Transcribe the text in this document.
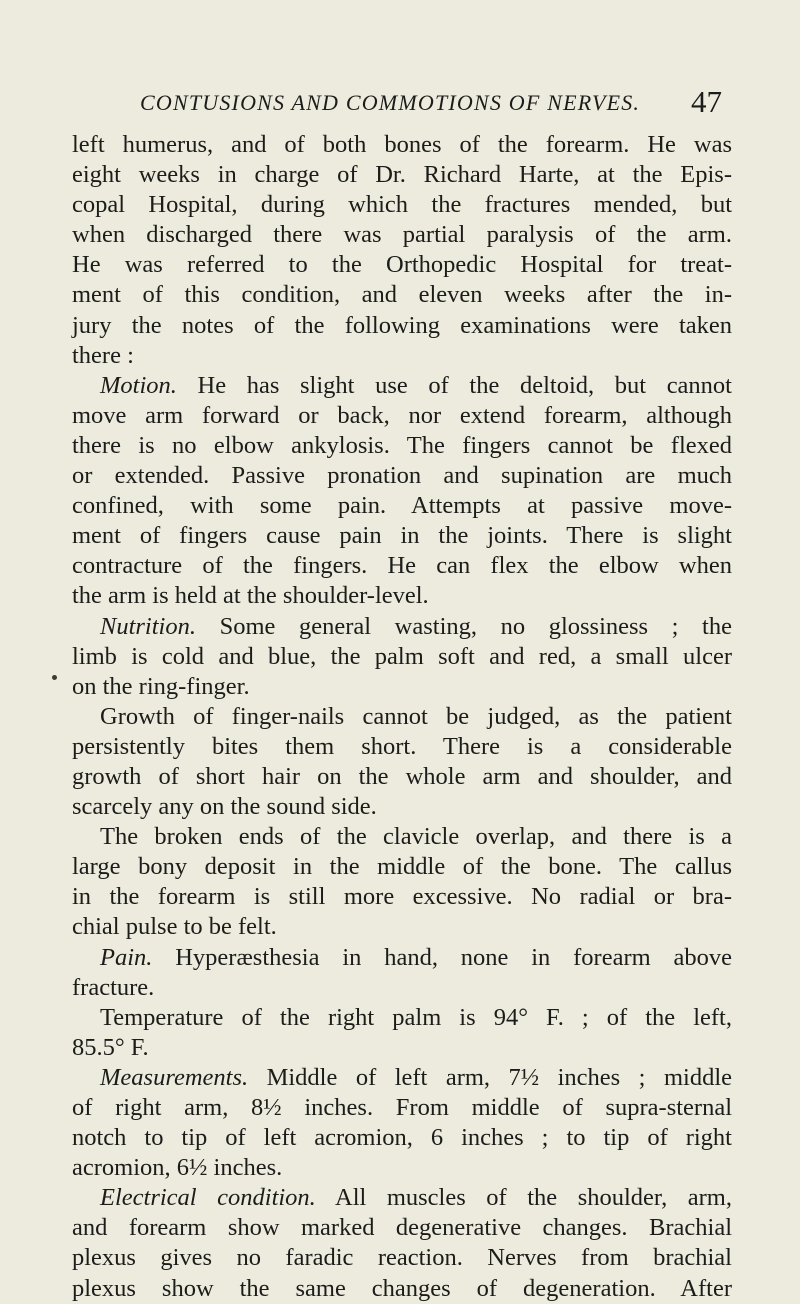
CONTUSIONS AND COMMOTIONS OF NERVES. 47
left humerus, and of both bones of the forearm. He was
eight weeks in charge of Dr. Richard Harte, at the Epis-
copal Hospital, during which the fractures mended, but
when discharged there was partial paralysis of the arm.
He was referred to the Orthopedic Hospital for treat-
ment of this condition, and eleven weeks after the in-
jury the notes of the following examinations were taken
there :
Motion. He has slight use of the deltoid, but cannot
move arm forward or back, nor extend forearm, although
there is no elbow ankylosis. The fingers cannot be flexed
or extended. Passive pronation and supination are much
confined, with some pain. Attempts at passive move-
ment of fingers cause pain in the joints. There is slight
contracture of the fingers. He can flex the elbow when
the arm is held at the shoulder-level.
Nutrition. Some general wasting, no glossiness ; the
limb is cold and blue, the palm soft and red, a small ulcer
on the ring-finger.
Growth of finger-nails cannot be judged, as the patient
persistently bites them short. There is a considerable
growth of short hair on the whole arm and shoulder, and
scarcely any on the sound side.
The broken ends of the clavicle overlap, and there is a
large bony deposit in the middle of the bone. The callus
in the forearm is still more excessive. No radial or bra-
chial pulse to be felt.
Pain. Hyperæsthesia in hand, none in forearm above
fracture.
Temperature of the right palm is 94° F. ; of the left,
85.5° F.
Measurements. Middle of left arm, 7½ inches ; middle
of right arm, 8½ inches. From middle of supra-sternal
notch to tip of left acromion, 6 inches ; to tip of right
acromion, 6½ inches.
Electrical condition. All muscles of the shoulder, arm,
and forearm show marked degenerative changes. Brachial
plexus gives no faradic reaction. Nerves from brachial
plexus show the same changes of degeneration. After
